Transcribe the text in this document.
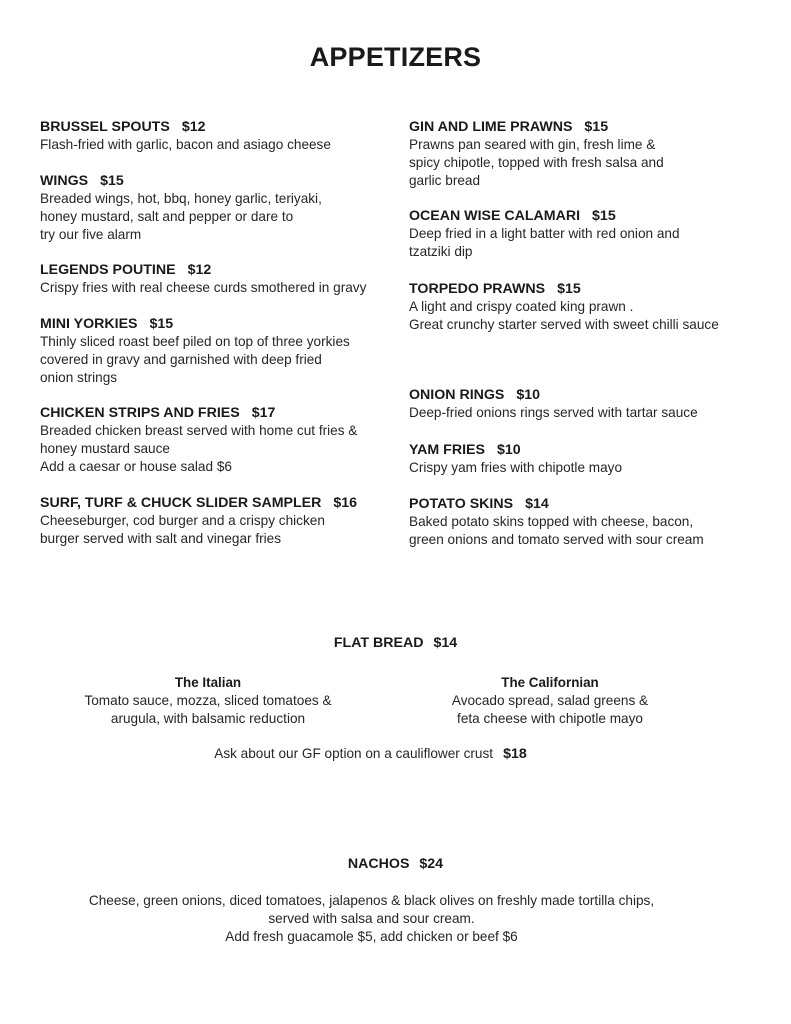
APPETIZERS
BRUSSEL SPOUTS $12
Flash-fried with garlic, bacon and asiago cheese
WINGS $15
Breaded wings, hot, bbq, honey garlic, teriyaki,
honey mustard, salt and pepper or dare to
try our five alarm
LEGENDS POUTINE $12
Crispy fries with real cheese curds smothered in gravy
MINI YORKIES $15
Thinly sliced roast beef piled on top of three yorkies
covered in gravy and garnished with deep fried
onion strings
CHICKEN STRIPS AND FRIES $17
Breaded chicken breast served with home cut fries &
honey mustard sauce
Add a caesar or house salad $6
SURF, TURF & CHUCK SLIDER SAMPLER $16
Cheeseburger, cod burger and a crispy chicken
burger served with salt and vinegar fries
GIN AND LIME PRAWNS $15
Prawns pan seared with gin, fresh lime &
spicy chipotle, topped with fresh salsa and
garlic bread
OCEAN WISE CALAMARI $15
Deep fried in a light batter with red onion and
tzatziki dip
TORPEDO PRAWNS $15
A light and crispy coated king prawn .
Great crunchy starter served with sweet chilli sauce
ONION RINGS $10
Deep-fried onions rings served with tartar sauce
YAM FRIES $10
Crispy yam fries with chipotle mayo
POTATO SKINS $14
Baked potato skins topped with cheese, bacon,
green onions and tomato served with sour cream
FLAT BREAD $14
The Italian
Tomato sauce, mozza, sliced tomatoes &
arugula, with balsamic reduction
The Californian
Avocado spread, salad greens &
feta cheese with chipotle mayo
Ask about our GF option on a cauliflower crust $18
NACHOS $24
Cheese, green onions, diced tomatoes, jalapenos & black olives on freshly made tortilla chips,
served with salsa and sour cream.
Add fresh guacamole $5, add chicken or beef $6
